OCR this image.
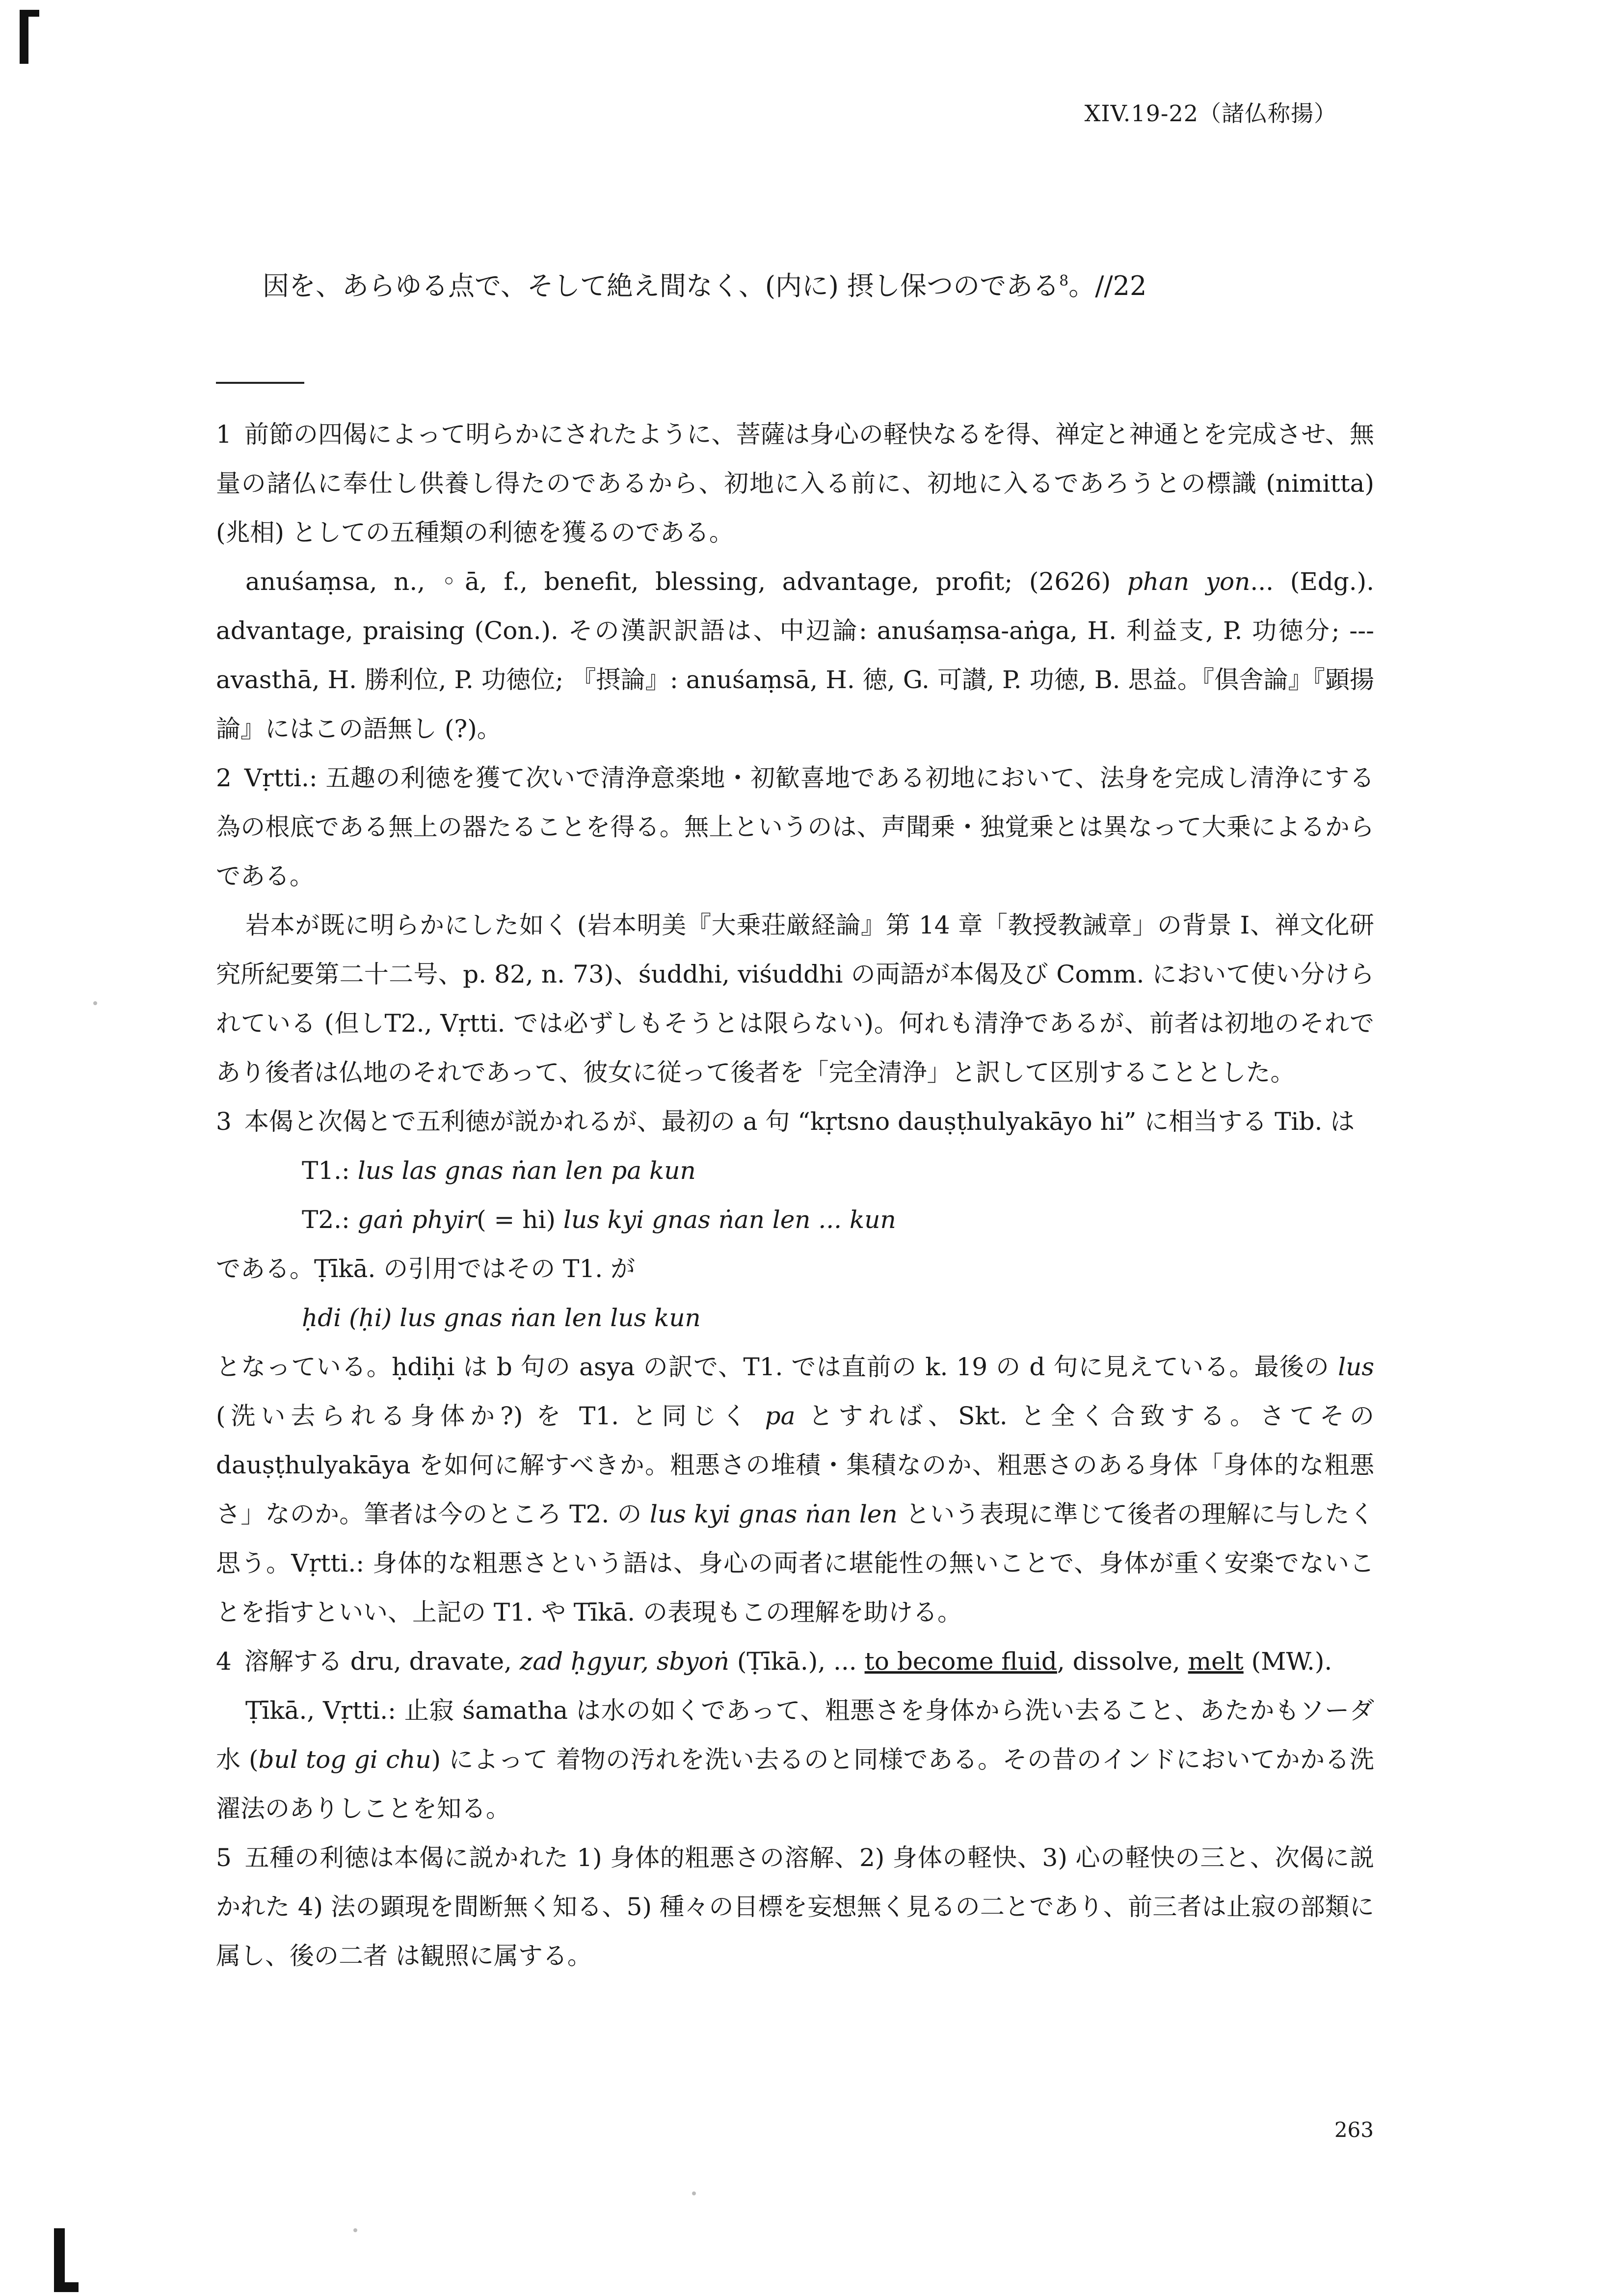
XIV.19-22（諸仏称揚）
因を、あらゆる点で、そして絶え間なく、(内に) 摂し保つのである$^8$。//22

1 前節の四偈によって明らかにされたように、菩薩は身心の軽快なるを得、禅定と神通とを完成させ、無量の諸仏に奉仕し供養し得たのであるから、初地に入る前に、初地に入るであろうとの標識 (nimitta) (兆相) としての五種類の利徳を獲るのである。

anuśaṃsa, n., ◦ā, f., benefit, blessing, advantage, profit; (2626) phan yon... (Edg.). advantage, praising (Con.). その漢訳訳語は、中辺論: anuśaṃsa-aṅga, H. 利益支, P. 功徳分; ---avasthā, H. 勝利位, P. 功徳位; 『摂論』: anuśaṃsā, H. 徳, G. 可讃, P. 功徳, B. 思益。『倶舎論』『顕揚論』にはこの語無し (?)。

2 Vṛtti.: 五趣の利徳を獲て次いで清浄意楽地・初歓喜地である初地において、法身を完成し清浄にする為の根底である無上の器たることを得る。無上というのは、声聞乗・独覚乗とは異なって大乗によるからである。

岩本が既に明らかにした如く (岩本明美『大乗荘厳経論』第 14 章「教授教誡章」の背景 I、禅文化研究所紀要第二十二号、p. 82, n. 73)、śuddhi, viśuddhi の両語が本偈及び Comm. において使い分けられている (但しT2., Vṛtti. では必ずしもそうとは限らない)。何れも清浄であるが、前者は初地のそれであり後者は仏地のそれであって、彼女に従って後者を「完全清浄」と訳して区別することとした。

3 本偈と次偈とで五利徳が説かれるが、最初の a 句 “kṛtsno dauṣṭhulyakāyo hi” に相当する Tib. は

T1.: lus las gnas ṅan len pa kun

T2.: gaṅ phyir( = hi) lus kyi gnas ṅan len ... kun

である。Ṭīkā. の引用ではその T1. が

ḥdi (ḥi) lus gnas ṅan len lus kun

となっている。ḥdiḥi は b 句の asya の訳で、T1. では直前の k. 19 の d 句に見えている。最後の lus (洗い去られる身体か?) を T1. と同じく pa とすれば、Skt. と全く合致する。さてその dauṣṭhulyakāya を如何に解すべきか。粗悪さの堆積・集積なのか、粗悪さのある身体「身体的な粗悪さ」なのか。筆者は今のところ T2. の lus kyi gnas ṅan len という表現に準じて後者の理解に与したく思う。Vṛtti.: 身体的な粗悪さという語は、身心の両者に堪能性の無いことで、身体が重く安楽でないことを指すといい、上記の T1. や Tīkā. の表現もこの理解を助ける。

4 溶解する dru, dravate, zad ḥgyur, sbyoṅ (Ṭīkā.), ... to become fluid, dissolve, melt (MW.).

Ṭīkā., Vṛtti.: 止寂 śamatha は水の如くであって、粗悪さを身体から洗い去ること、あたかもソーダ水 (bul tog gi chu) によって 着物の汚れを洗い去るのと同様である。その昔のインドにおいてかかる洗濯法のありしことを知る。

5 五種の利徳は本偈に説かれた 1) 身体的粗悪さの溶解、2) 身体の軽快、3) 心の軽快の三と、次偈に説かれた 4) 法の顕現を間断無く知る、5) 種々の目標を妄想無く見るの二とであり、前三者は止寂の部類に属し、後の二者 は観照に属する。

263
